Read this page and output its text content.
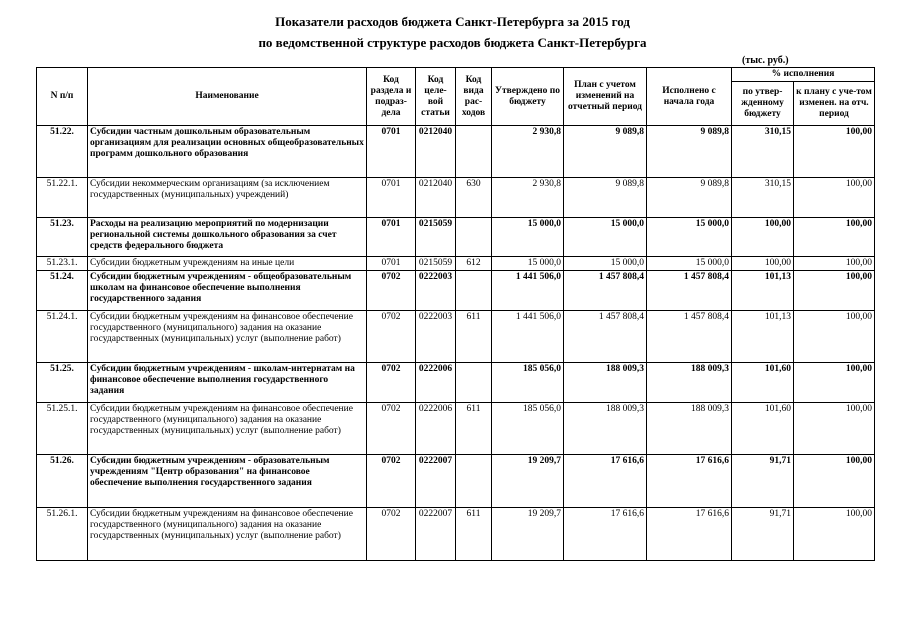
Показатели расходов бюджета Санкт-Петербурга за 2015 год
по ведомственной структуре расходов бюджета Санкт-Петербурга
(тыс. руб.)
N п/п	Наименование	Код раздела и подраз-дела	Код целе-вой статьи	Код вида рас-ходов	Утверждено по бюджету	План с учетом изменений на отчетный период	Исполнено с начала года	% исполнения	
								по утвер-жденному бюджету	к плану с уче-том изменен. на отч. период
51.22.	Субсидии частным дошкольным образовательным организациям для реализации основных общеобразовательных программ дошкольного образования	0701	0212040		2 930,8	9 089,8	9 089,8	310,15	100,00
51.22.1.	Субсидии некоммерческим организациям (за исключением государственных (муниципальных) учреждений)	0701	0212040	630	2 930,8	9 089,8	9 089,8	310,15	100,00
51.23.	Расходы на реализацию мероприятий по модернизации региональной системы дошкольного образования за счет средств федерального бюджета	0701	0215059		15 000,0	15 000,0	15 000,0	100,00	100,00
51.23.1.	Субсидии бюджетным учреждениям на иные цели	0701	0215059	612	15 000,0	15 000,0	15 000,0	100,00	100,00
51.24.	Субсидии бюджетным учреждениям - общеобразовательным школам на финансовое обеспечение выполнения государственного задания	0702	0222003		1 441 506,0	1 457 808,4	1 457 808,4	101,13	100,00
51.24.1.	Субсидии бюджетным учреждениям на финансовое обеспечение государственного (муниципального) задания на оказание государственных (муниципальных) услуг (выполнение работ)	0702	0222003	611	1 441 506,0	1 457 808,4	1 457 808,4	101,13	100,00
51.25.	Субсидии бюджетным учреждениям - школам-интернатам на финансовое обеспечение выполнения государственного задания	0702	0222006		185 056,0	188 009,3	188 009,3	101,60	100,00
51.25.1.	Субсидии бюджетным учреждениям на финансовое обеспечение государственного (муниципального) задания на оказание государственных (муниципальных) услуг (выполнение работ)	0702	0222006	611	185 056,0	188 009,3	188 009,3	101,60	100,00
51.26.	Субсидии бюджетным учреждениям - образовательным учреждениям "Центр образования" на финансовое обеспечение выполнения государственного задания	0702	0222007		19 209,7	17 616,6	17 616,6	91,71	100,00
51.26.1.	Субсидии бюджетным учреждениям на финансовое обеспечение государственного (муниципального) задания на оказание государственных (муниципальных) услуг (выполнение работ)	0702	0222007	611	19 209,7	17 616,6	17 616,6	91,71	100,00
